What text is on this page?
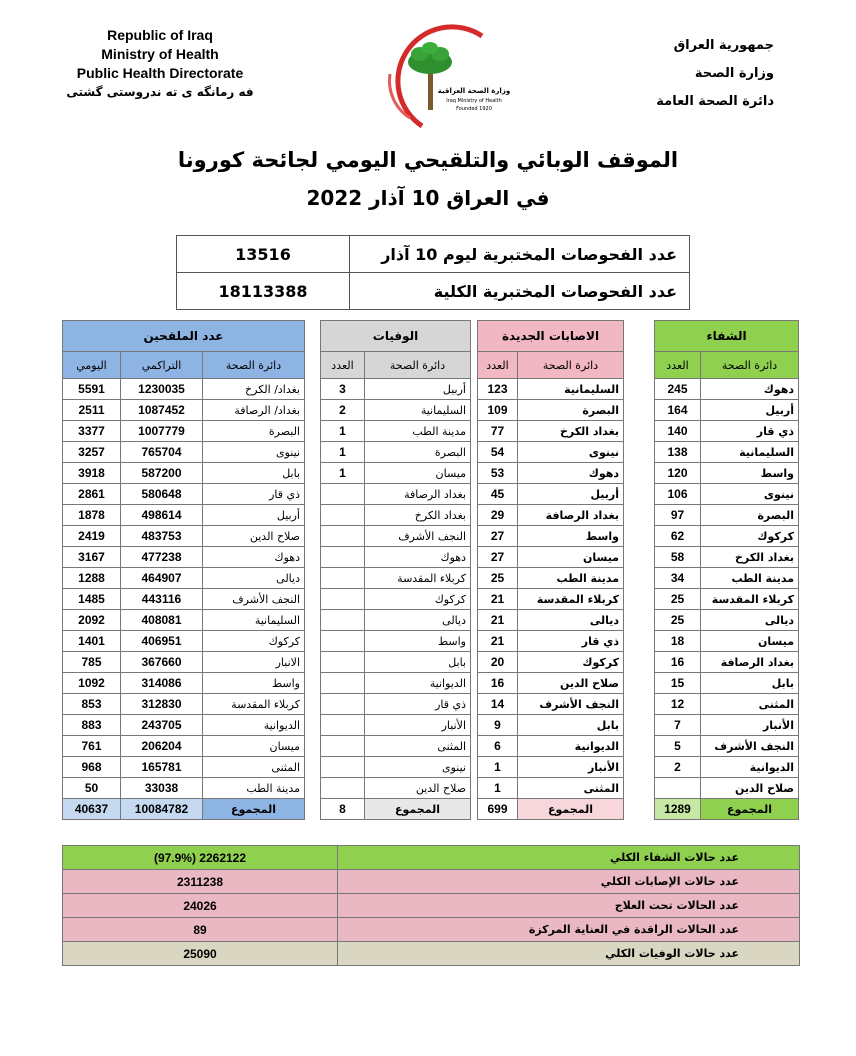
Republic of Iraq
Ministry of Health
Public Health Directorate
فه رمانگه ى ته ندروستى گشتى	وزارة الصحة العراقية
Iraq Ministry of Health
Founded 1920
جمهورية العراق
وزارة الصحة
دائرة الصحة العامة
الموقف الوبائي والتلقيحي اليومي لجائحة كورونا
في العراق 10 آذار 2022
13516	عدد الفحوصات المختبرية ليوم 10 آذار
18113388	عدد الفحوصات المختبرية الكلية
عدد الملقحين		
اليومي	التراكمي	دائرة الصحة
5591	1230035	بغداد/ الكرخ
2511	1087452	بغداد/ الرصافة
3377	1007779	البصرة
3257	765704	نينوى
3918	587200	بابل
2861	580648	ذي قار
1878	498614	أربيل
2419	483753	صلاح الدين
3167	477238	دهوك
1288	464907	ديالى
1485	443116	النجف الأشرف
2092	408081	السليمانية
1401	406951	كركوك
785	367660	الانبار
1092	314086	واسط
853	312830	كربلاء المقدسة
883	243705	الديوانية
761	206204	ميسان
968	165781	المثنى
50	33038	مدينة الطب
40637	10084782	المجموع
الوفيات	
العدد	دائرة الصحة
3	أربيل
2	السليمانية
1	مدينة الطب
1	البصرة
1	ميسان
	بغداد الرصافة
	بغداد الكرخ
	النجف الأشرف
	دهوك
	كربلاء المقدسة
	كركوك
	ديالى
	واسط
	بابل
	الديوانية
	ذي قار
	الأنبار
	المثنى
	نينوى
	صلاح الدين
8	المجموع
الاصابات الجديدة	
العدد	دائرة الصحة
123	السليمانية
109	البصرة
77	بغداد الكرخ
54	نينوى
53	دهوك
45	أربيل
29	بغداد الرصافة
27	واسط
27	ميسان
25	مدينة الطب
21	كربلاء المقدسة
21	ديالى
21	ذي قار
20	كركوك
16	صلاح الدين
14	النجف الأشرف
9	بابل
6	الديوانية
1	الأنبار
1	المثنى
699	المجموع
الشفاء	
العدد	دائرة الصحة
245	دهوك
164	أربيل
140	ذي قار
138	السليمانية
120	واسط
106	نينوى
97	البصرة
62	كركوك
58	بغداد الكرخ
34	مدينة الطب
25	كربلاء المقدسة
25	ديالى
18	ميسان
16	بغداد الرصافة
15	بابل
12	المثنى
7	الأنبار
5	النجف الأشرف
2	الديوانية
	صلاح الدين
1289	المجموع
(97.9%) 2262122	عدد حالات الشفاء الكلي
2311238	عدد حالات الإصابات الكلي
24026	عدد الحالات تحت العلاج
89	عدد الحالات الراقدة في العناية المركزة
25090	عدد حالات الوفيات الكلي
